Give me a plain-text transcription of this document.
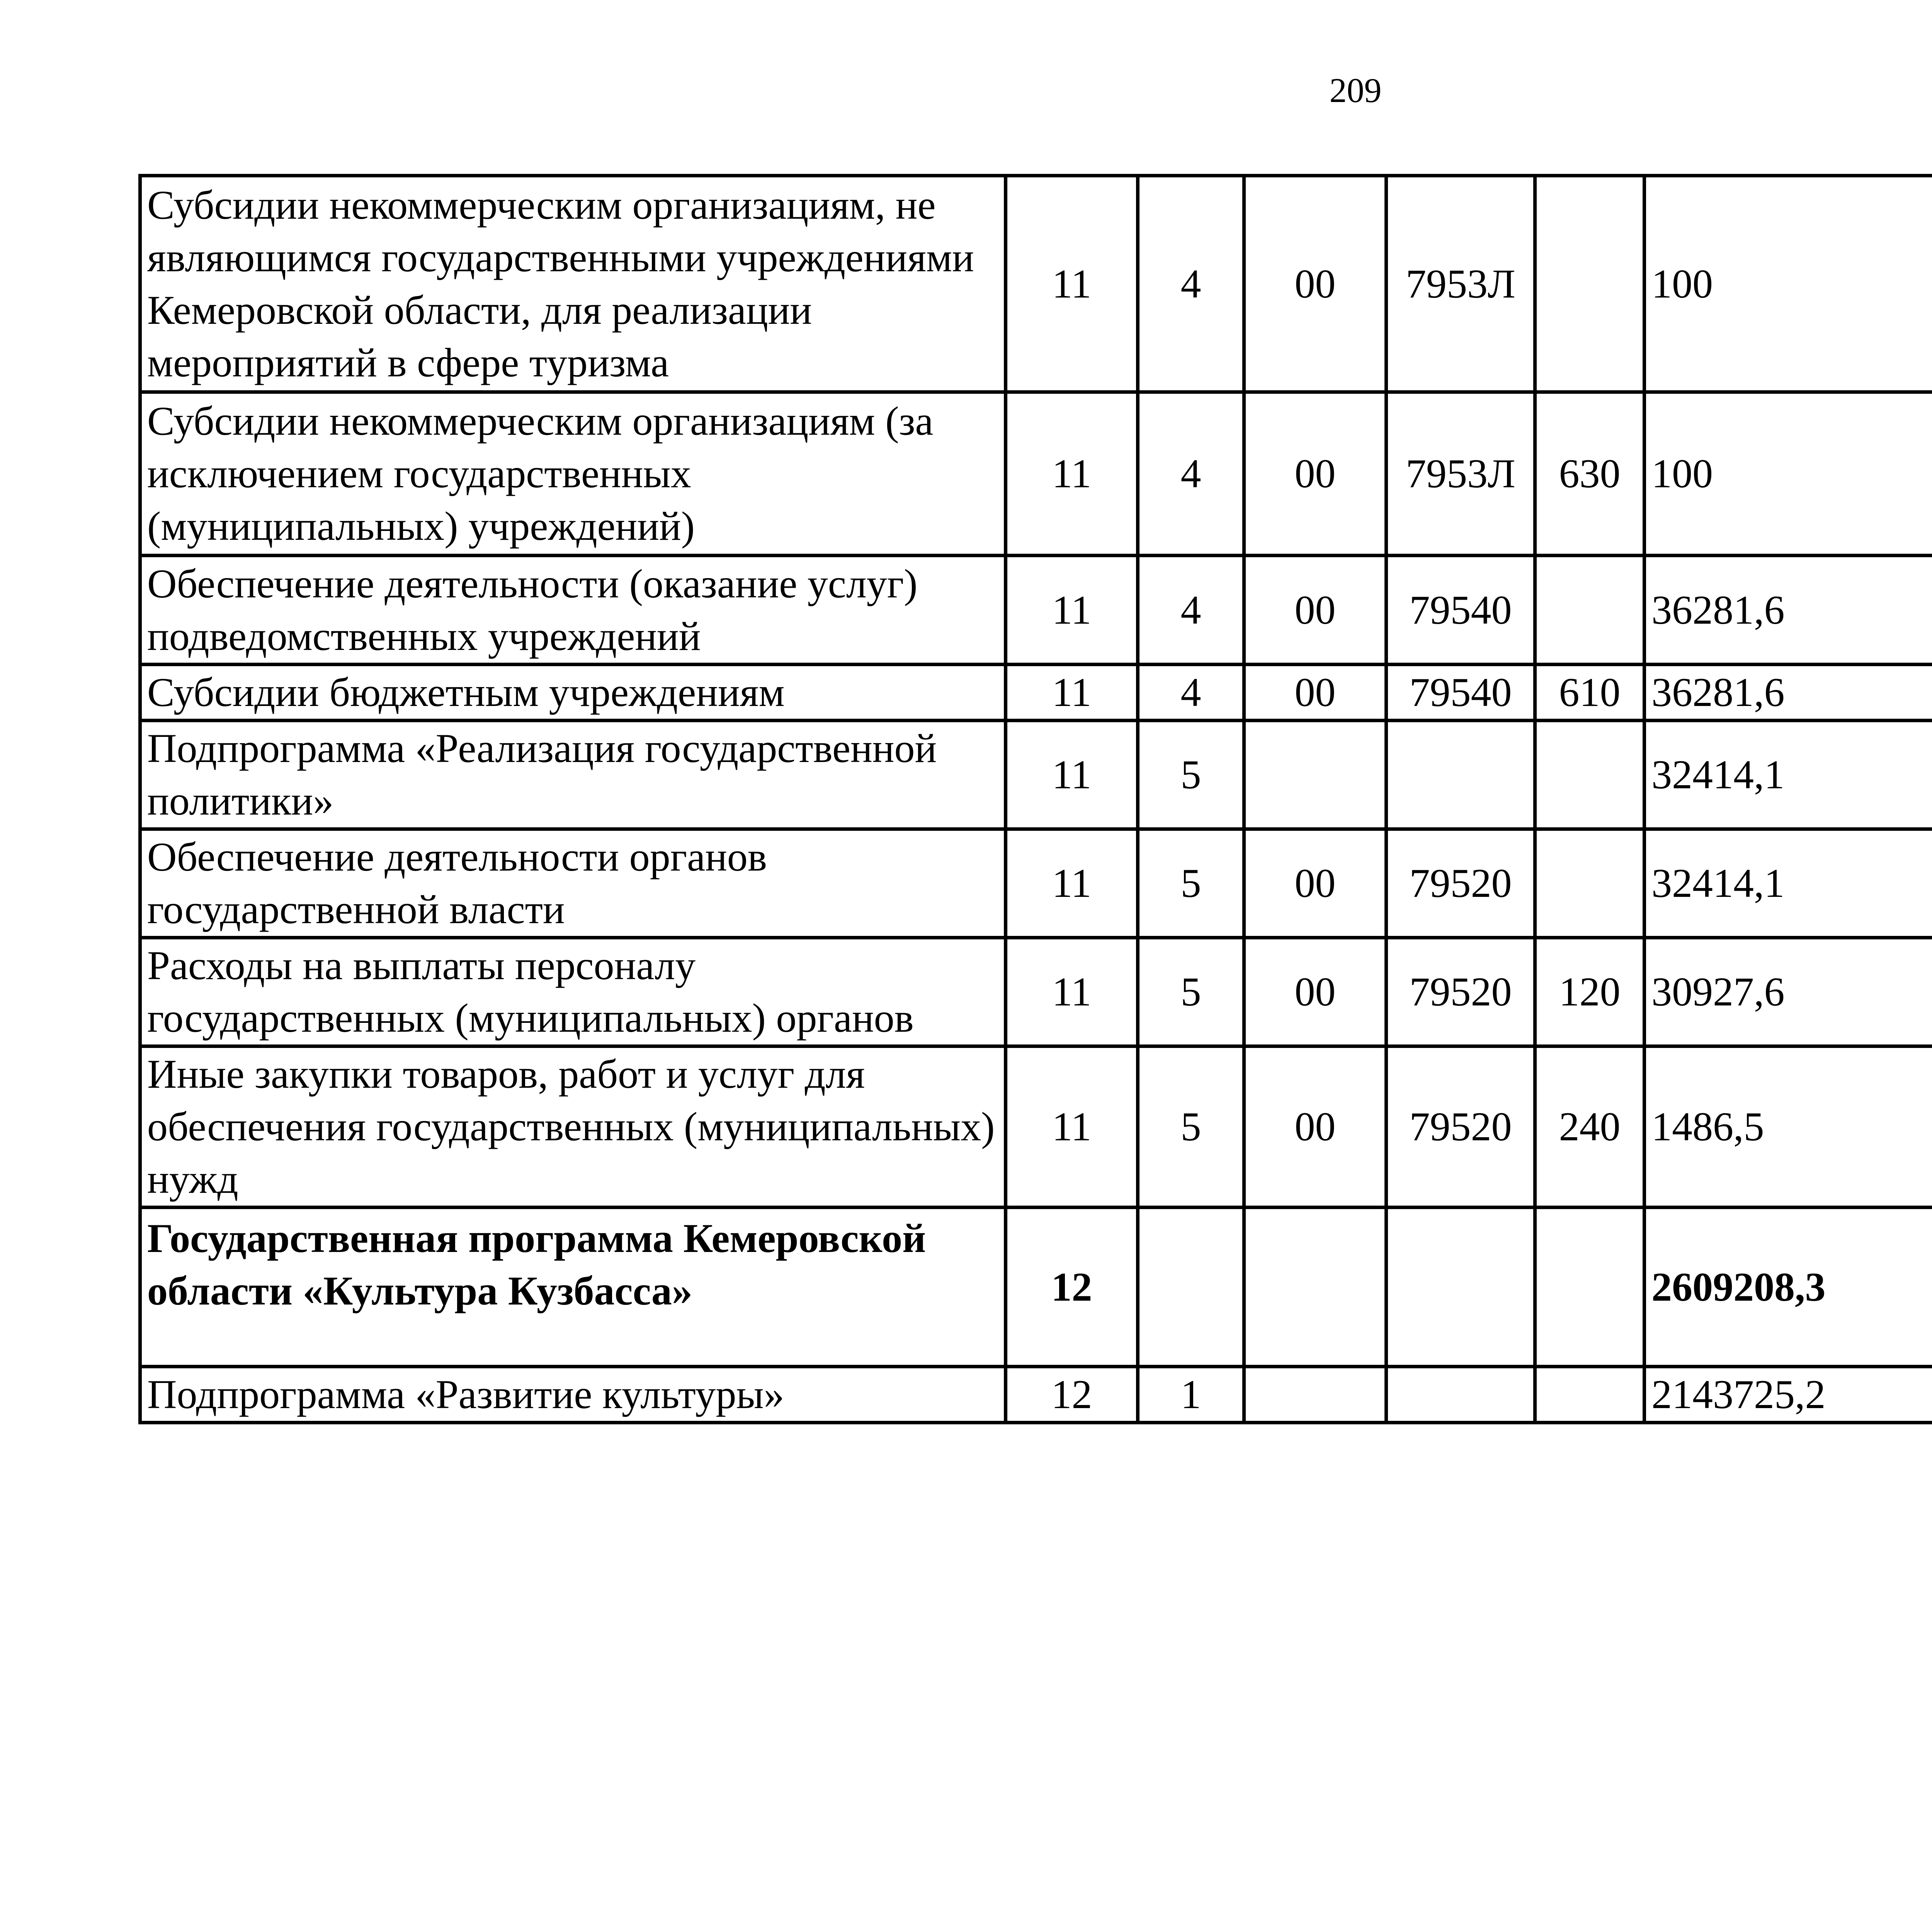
209
Субсидии некоммерческим организациям, не являющимся государственными учреждениями Кемеровской области, для реализации мероприятий в сфере туризма	11	4	00	7953Л		100		
Субсидии некоммерческим организациям (за исключением государственных (муниципальных) учреждений)	11	4	00	7953Л	630	100		
Обеспечение деятельности (оказание услуг) подведомственных учреждений	11	4	00	79540		36281,6		
Субсидии бюджетным учреждениям	11	4	00	79540	610	36281,6		
Подпрограмма «Реализация государственной политики»	11	5				32414,1		
Обеспечение деятельности органов государственной власти	11	5	00	79520		32414,1		
Расходы на выплаты персоналу государственных (муниципальных) органов	11	5	00	79520	120	30927,6		
Иные закупки товаров, работ и услуг для обеспечения государственных (муниципальных) нужд	11	5	00	79520	240	1486,5		
Государственная программа Кемеровской области «Культура Кузбасса»	12					2609208,3		
Подпрограмма «Развитие культуры»	12	1				2143725,2		
